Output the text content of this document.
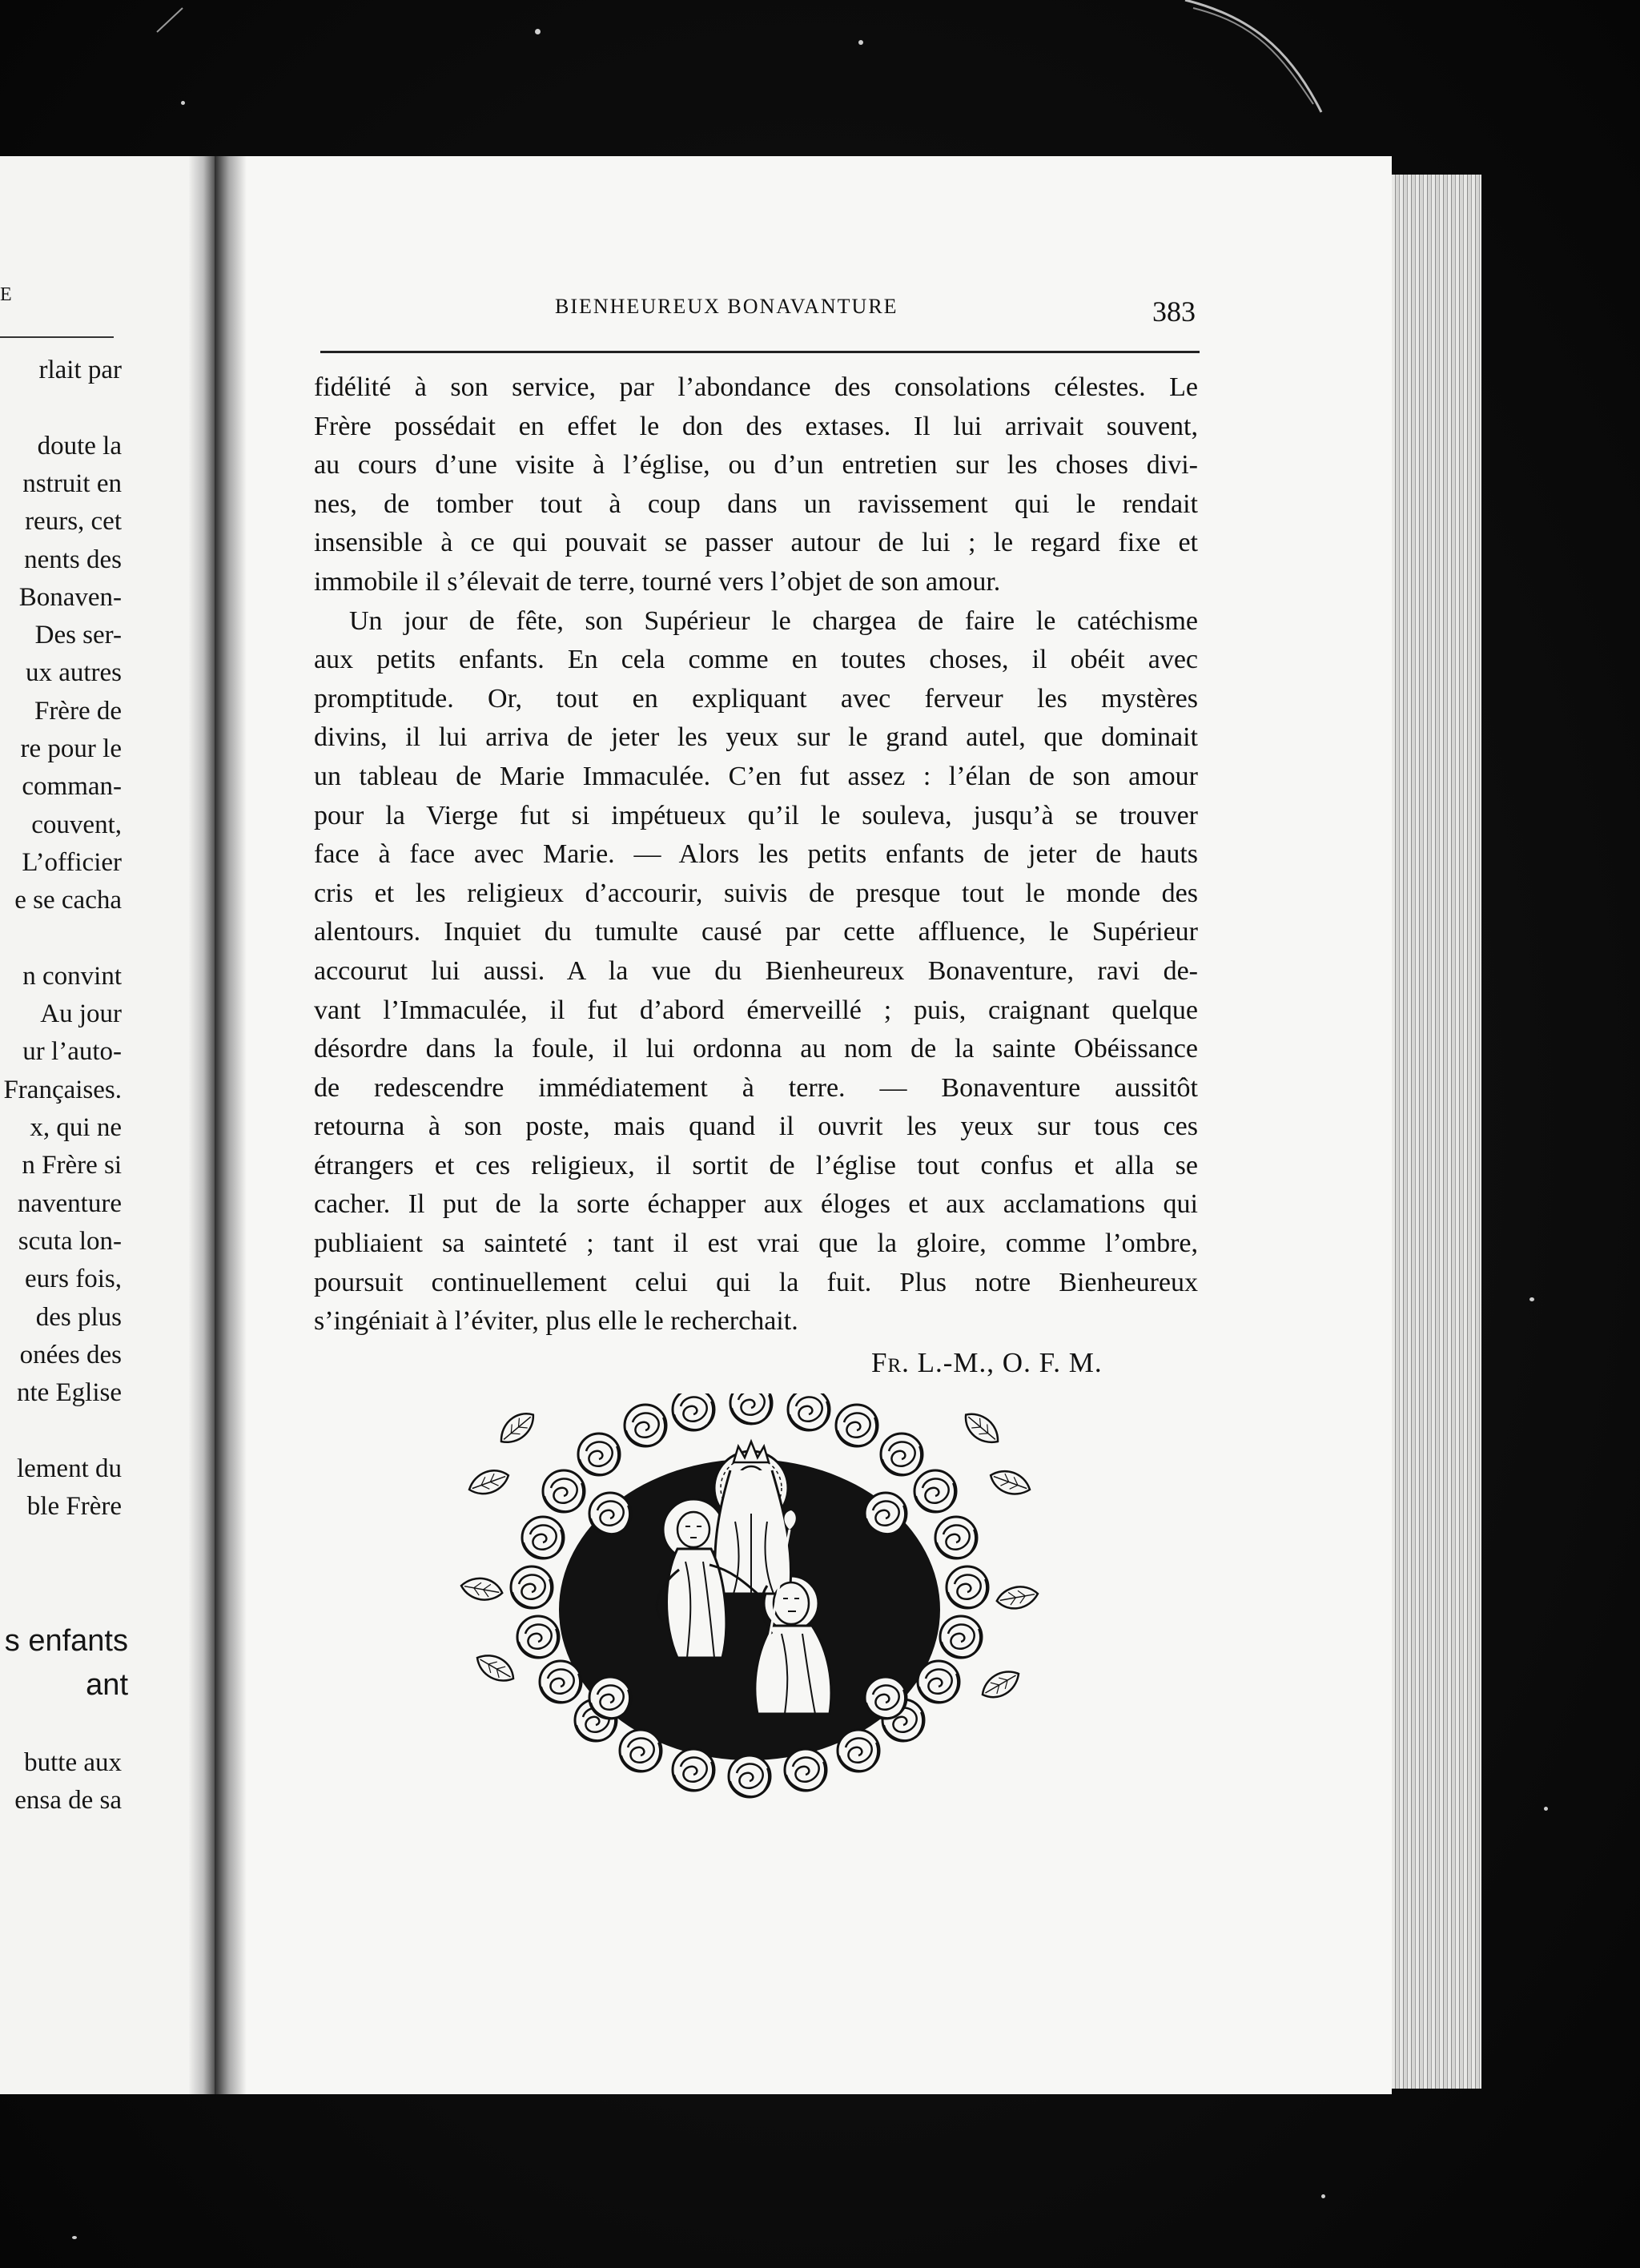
E
rlait par
doute la
nstruit en
reurs, cet
nents des
Bonaven-
Des ser-
ux autres
Frère de
re pour le
comman-
couvent,
L’officier
e se cacha
n convint
Au jour
ur l’auto-
Françaises.
x, qui ne
n Frère si
naventure
scuta lon-
eurs fois,
des plus
onées des
nte Eglise
lement du
ble Frère
s enfants
ant
butte aux
ensa de sa
BIENHEUREUX BONAVANTURE	383
fidélité à son service, par l’abondance des consolations célestes. Le
Frère possédait en effet le don des extases. Il lui arrivait souvent,
au cours d’une visite à l’église, ou d’un entretien sur les choses divi-
nes, de tomber tout à coup dans un ravissement qui le rendait
insensible à ce qui pouvait se passer autour de lui ; le regard fixe et
immobile il s’élevait de terre, tourné vers l’objet de son amour.
Un jour de fête, son Supérieur le chargea de faire le catéchisme
aux petits enfants. En cela comme en toutes choses, il obéit avec
promptitude. Or, tout en expliquant avec ferveur les mystères
divins, il lui arriva de jeter les yeux sur le grand autel, que dominait
un tableau de Marie Immaculée. C’en fut assez : l’élan de son amour
pour la Vierge fut si impétueux qu’il le souleva, jusqu’à se trouver
face à face avec Marie. — Alors les petits enfants de jeter de hauts
cris et les religieux d’accourir, suivis de presque tout le monde des
alentours. Inquiet du tumulte causé par cette affluence, le Supérieur
accourut lui aussi. A la vue du Bienheureux Bonaventure, ravi de-
vant l’Immaculée, il fut d’abord émerveillé ; puis, craignant quelque
désordre dans la foule, il lui ordonna au nom de la sainte Obéissance
de redescendre immédiatement à terre. — Bonaventure aussitôt
retourna à son poste, mais quand il ouvrit les yeux sur tous ces
étrangers et ces religieux, il sortit de l’église tout confus et alla se
cacher. Il put de la sorte échapper aux éloges et aux acclamations qui
publiaient sa sainteté ; tant il est vrai que la gloire, comme l’ombre,
poursuit continuellement celui qui la fuit. Plus notre Bienheureux
s’ingéniait à l’éviter, plus elle le recherchait.
Fr. L.-M., O. F. M.
